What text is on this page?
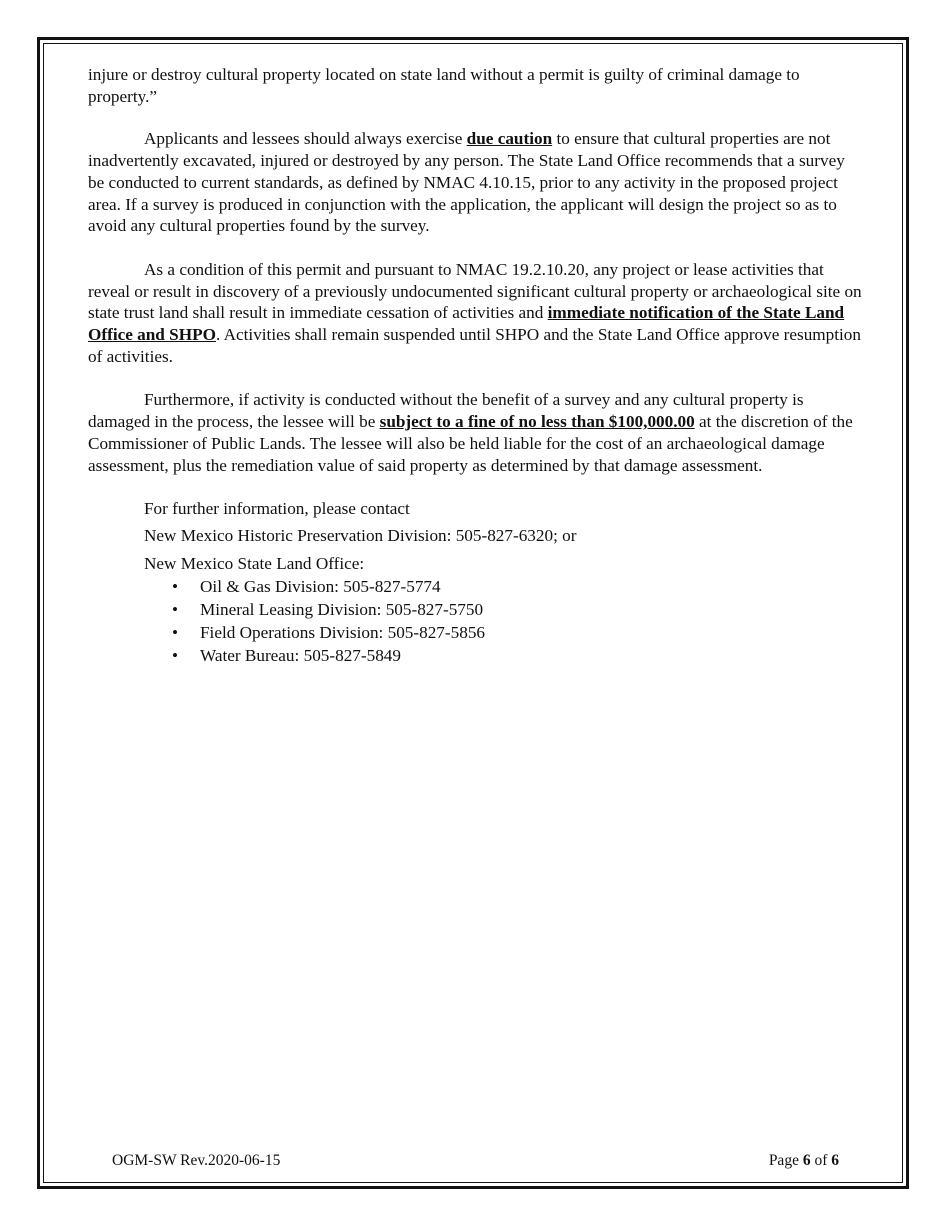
injure or destroy cultural property located on state land without a permit is guilty of criminal damage to property.”

Applicants and lessees should always exercise due caution to ensure that cultural properties are not inadvertently excavated, injured or destroyed by any person. The State Land Office recommends that a survey be conducted to current standards, as defined by NMAC 4.10.15, prior to any activity in the proposed project area. If a survey is produced in conjunction with the application, the applicant will design the project so as to avoid any cultural properties found by the survey.

As a condition of this permit and pursuant to NMAC 19.2.10.20, any project or lease activities that reveal or result in discovery of a previously undocumented significant cultural property or archaeological site on state trust land shall result in immediate cessation of activities and immediate notification of the State Land Office and SHPO. Activities shall remain suspended until SHPO and the State Land Office approve resumption of activities.

Furthermore, if activity is conducted without the benefit of a survey and any cultural property is damaged in the process, the lessee will be subject to a fine of no less than $100,000.00 at the discretion of the Commissioner of Public Lands. The lessee will also be held liable for the cost of an archaeological damage assessment, plus the remediation value of said property as determined by that damage assessment.

For further information, please contact
New Mexico Historic Preservation Division: 505-827-6320; or
New Mexico State Land Office:
• Oil & Gas Division: 505-827-5774
• Mineral Leasing Division: 505-827-5750
• Field Operations Division: 505-827-5856
• Water Bureau: 505-827-5849
OGM-SW Rev.2020-06-15	Page 6 of 6
